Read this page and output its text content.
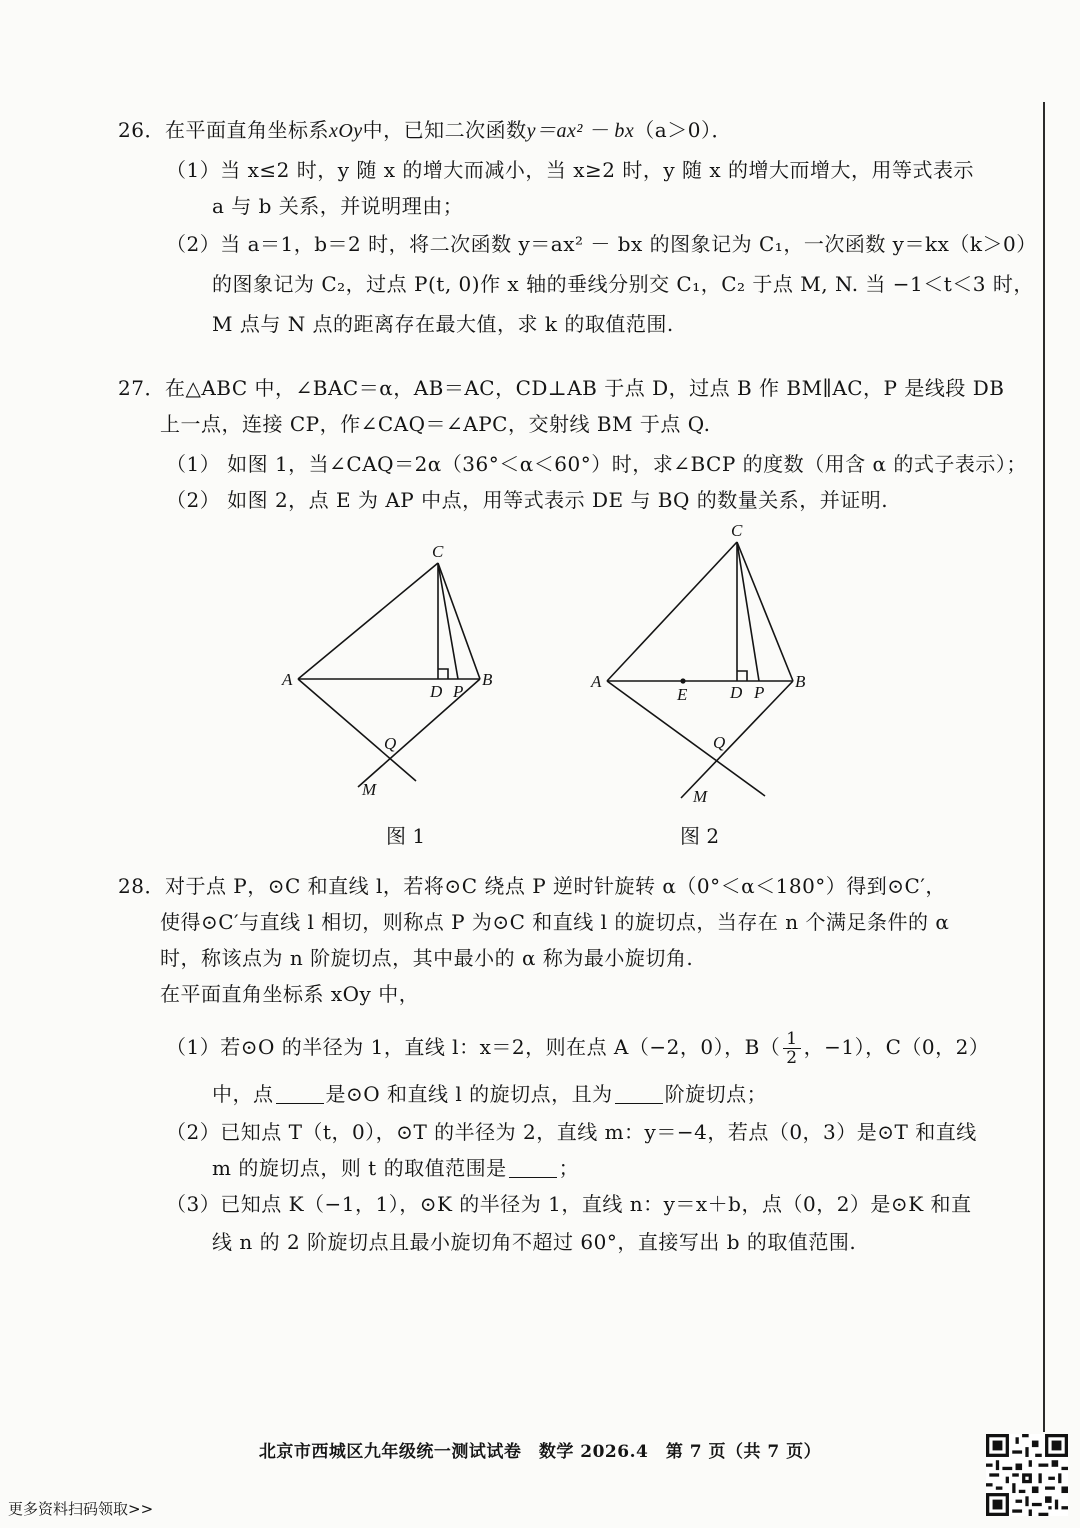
26．在平面直角坐标系xOy中，已知二次函数y＝ax² － bx（a＞0）．
（1）当 x≤2 时，y 随 x 的增大而减小，当 x≥2 时，y 随 x 的增大而增大，用等式表示
a 与 b 关系，并说明理由；
（2）当 a＝1，b＝2 时，将二次函数 y＝ax² － bx 的图象记为 C₁，一次函数 y＝kx（k＞0）
的图象记为 C₂，过点 P(t, 0)作 x 轴的垂线分别交 C₁，C₂ 于点 M, N. 当 −1＜t＜3 时，
M 点与 N 点的距离存在最大值，求 k 的取值范围.
27．在△ABC 中，∠BAC＝α，AB＝AC，CD⊥AB 于点 D，过点 B 作 BM∥AC，P 是线段 DB
上一点，连接 CP，作∠CAQ＝∠APC，交射线 BM 于点 Q.
（1） 如图 1，当∠CAQ＝2α（36°＜α＜60°）时，求∠BCP 的度数（用含 α 的式子表示）；
（2） 如图 2，点 E 为 AP 中点，用等式表示 DE 与 BQ 的数量关系，并证明.
C
A	B
D P
Q
M
图 1
C
A	B
E	D P
Q
M
图 2
28．对于点 P，⊙C 和直线 l，若将⊙C 绕点 P 逆时针旋转 α（0°＜α＜180°）得到⊙C′，
使得⊙C′与直线 l 相切，则称点 P 为⊙C 和直线 l 的旋切点，当存在 n 个满足条件的 α
时，称该点为 n 阶旋切点，其中最小的 α 称为最小旋切角.
在平面直角坐标系 xOy 中，
（1）若⊙O 的半径为 1，直线 l：x＝2，则在点 A（−2，0），$B( \frac{1}{2}$ ，−1），C（0，2）
中，点	是⊙O 和直线 l 的旋切点，且为	阶旋切点；
（2）已知点 T（t，0），⊙T 的半径为 2，直线 m：y＝−4，若点（0，3）是⊙T 和直线
m 的旋切点，则 t 的取值范围是	；
（3）已知点 K（−1，1），⊙K 的半径为 1，直线 n：y＝x＋b，点（0，2）是⊙K 和直
线 n 的 2 阶旋切点且最小旋切角不超过 60°，直接写出 b 的取值范围.
北京市西城区九年级统一测试试卷　数学 2026.4　第 7 页（共 7 页）
更多资料扫码领取>>
